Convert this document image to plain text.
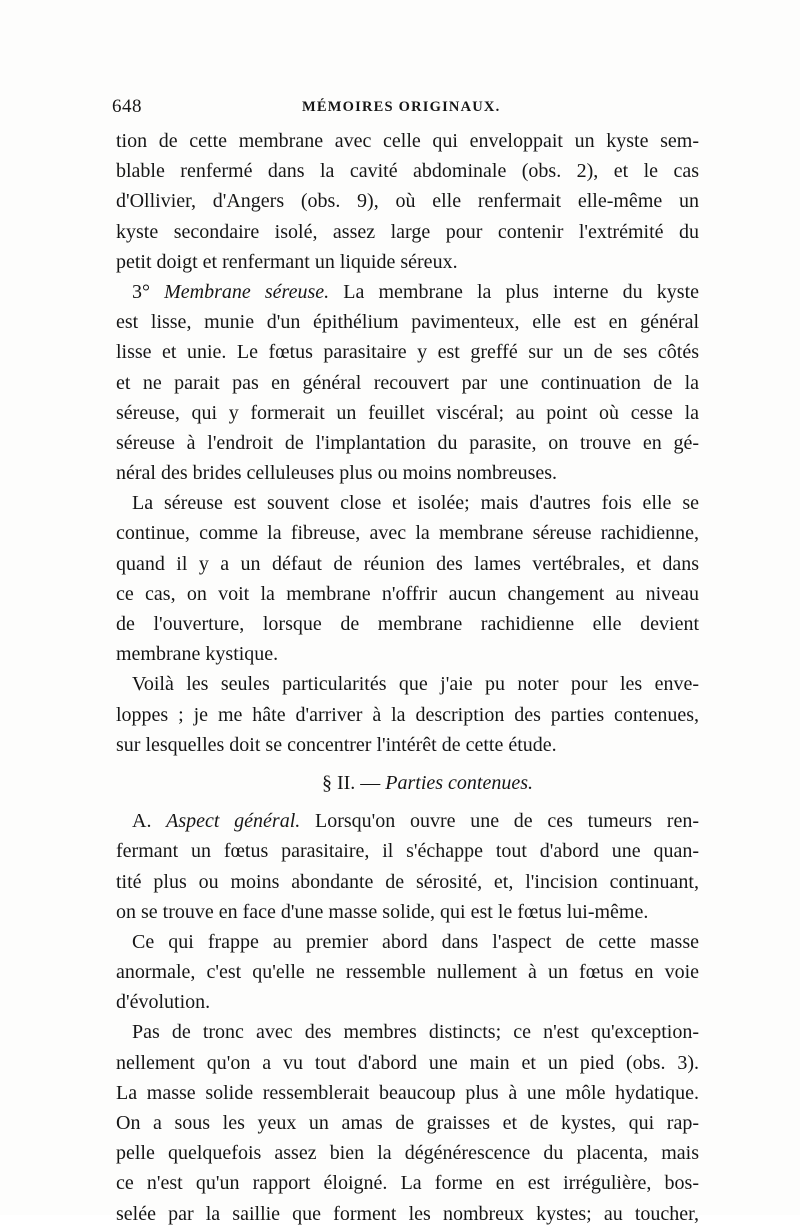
648	MÉMOIRES ORIGINAUX.
tion de cette membrane avec celle qui enveloppait un kyste sem-
blable renfermé dans la cavité abdominale (obs. 2), et le cas
d'Ollivier, d'Angers (obs. 9), où elle renfermait elle-même un
kyste secondaire isolé, assez large pour contenir l'extrémité du
petit doigt et renfermant un liquide séreux.
3° Membrane séreuse. La membrane la plus interne du kyste
est lisse, munie d'un épithélium pavimenteux, elle est en général
lisse et unie. Le fœtus parasitaire y est greffé sur un de ses côtés
et ne parait pas en général recouvert par une continuation de la
séreuse, qui y formerait un feuillet viscéral; au point où cesse la
séreuse à l'endroit de l'implantation du parasite, on trouve en gé-
néral des brides celluleuses plus ou moins nombreuses.
La séreuse est souvent close et isolée; mais d'autres fois elle se
continue, comme la fibreuse, avec la membrane séreuse rachidienne,
quand il y a un défaut de réunion des lames vertébrales, et dans
ce cas, on voit la membrane n'offrir aucun changement au niveau
de l'ouverture, lorsque de membrane rachidienne elle devient
membrane kystique.
Voilà les seules particularités que j'aie pu noter pour les enve-
loppes ; je me hâte d'arriver à la description des parties contenues,
sur lesquelles doit se concentrer l'intérêt de cette étude.
§ II. — Parties contenues.
A. Aspect général. Lorsqu'on ouvre une de ces tumeurs ren-
fermant un fœtus parasitaire, il s'échappe tout d'abord une quan-
tité plus ou moins abondante de sérosité, et, l'incision continuant,
on se trouve en face d'une masse solide, qui est le fœtus lui-même.
Ce qui frappe au premier abord dans l'aspect de cette masse
anormale, c'est qu'elle ne ressemble nullement à un fœtus en voie
d'évolution.
Pas de tronc avec des membres distincts; ce n'est qu'exception-
nellement qu'on a vu tout d'abord une main et un pied (obs. 3).
La masse solide ressemblerait beaucoup plus à une môle hydatique.
On a sous les yeux un amas de graisses et de kystes, qui rap-
pelle quelquefois assez bien la dégénérescence du placenta, mais
ce n'est qu'un rapport éloigné. La forme en est irrégulière, bos-
selée par la saillie que forment les nombreux kystes; au toucher,
